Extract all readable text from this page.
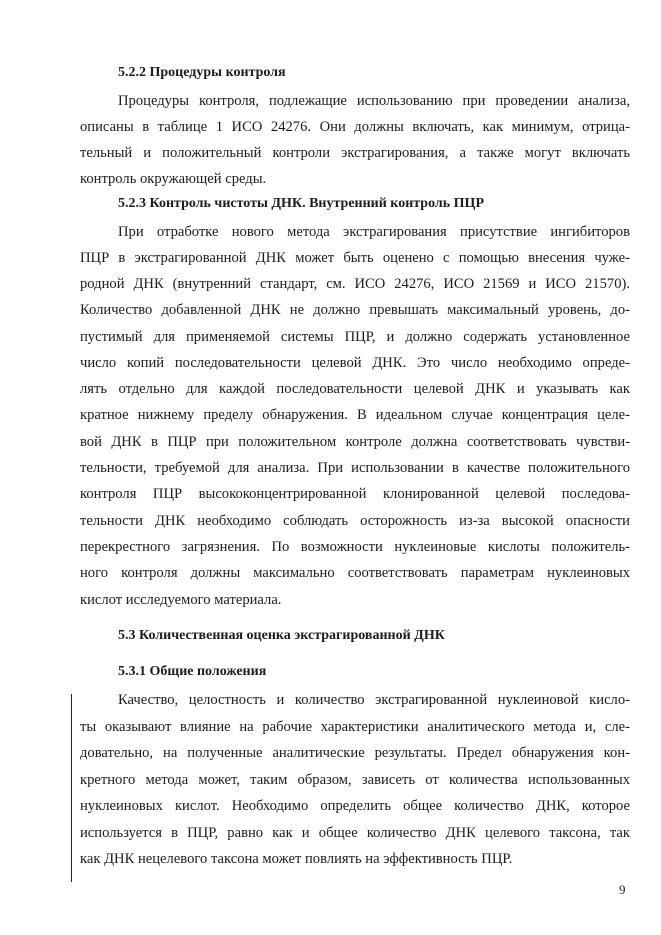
5.2.2 Процедуры контроля
Процедуры контроля, подлежащие использованию при проведении анализа,
описаны в таблице 1 ИСО 24276. Они должны включать, как минимум, отрица-
тельный и положительный контроли экстрагирования, а также могут включать
контроль окружающей среды.
5.2.3 Контроль чистоты ДНК. Внутренний контроль ПЦР
При отработке нового метода экстрагирования присутствие ингибиторов
ПЦР в экстрагированной ДНК может быть оценено с помощью внесения чуже-
родной ДНК (внутренний стандарт, см. ИСО 24276, ИСО 21569 и ИСО 21570).
Количество добавленной ДНК не должно превышать максимальный уровень, до-
пустимый для применяемой системы ПЦР, и должно содержать установленное
число копий последовательности целевой ДНК. Это число необходимо опреде-
лять отдельно для каждой последовательности целевой ДНК и указывать как
кратное нижнему пределу обнаружения. В идеальном случае концентрация целе-
вой ДНК в ПЦР при положительном контроле должна соответствовать чувстви-
тельности, требуемой для анализа. При использовании в качестве положительного
контроля ПЦР высококонцентрированной клонированной целевой последова-
тельности ДНК необходимо соблюдать осторожность из-за высокой опасности
перекрестного загрязнения. По возможности нуклеиновые кислоты положитель-
ного контроля должны максимально соответствовать параметрам нуклеиновых
кислот исследуемого материала.
5.3 Количественная оценка экстрагированной ДНК
5.3.1 Общие положения
Качество, целостность и количество экстрагированной нуклеиновой кисло-
ты оказывают влияние на рабочие характеристики аналитического метода и, сле-
довательно, на полученные аналитические результаты. Предел обнаружения кон-
кретного метода может, таким образом, зависеть от количества использованных
нуклеиновых кислот. Необходимо определить общее количество ДНК, которое
используется в ПЦР, равно как и общее количество ДНК целевого таксона, так
как ДНК нецелевого таксона может повлиять на эффективность ПЦР.
9
